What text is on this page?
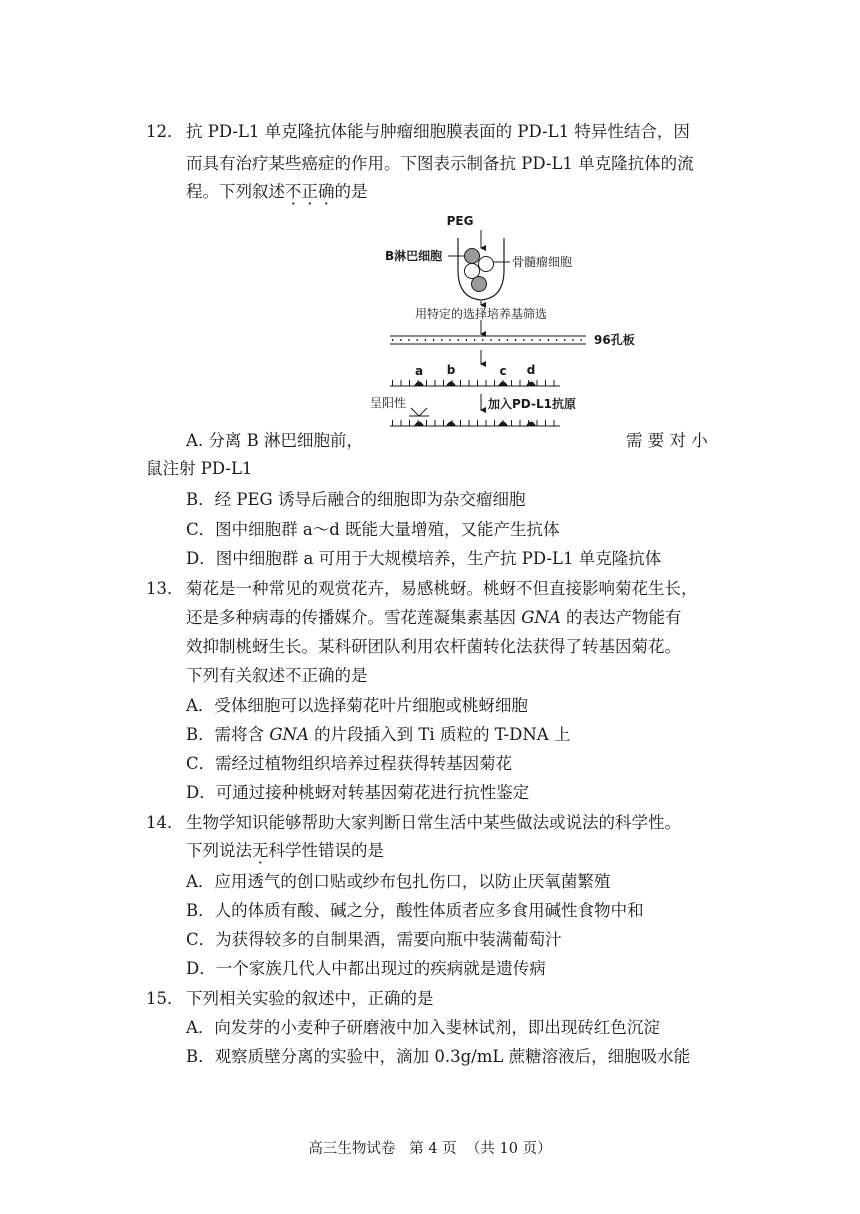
12． 抗 PD-L1 单克隆抗体能与肿瘤细胞膜表面的 PD-L1 特异性结合，因
而具有治疗某些癌症的作用。下图表示制备抗 PD-L1 单克隆抗体的流
程。下列叙述不正确的是
PEG
B淋巴细胞	骨髓瘤细胞
用特定的选择培养基筛选
96孔板
a b	c d
加入PD-L1抗原
呈阳性
A. 分离 B 淋巴细胞前，	需 要 对 小
鼠注射 PD-L1
B．经 PEG 诱导后融合的细胞即为杂交瘤细胞
C．图中细胞群 a～d 既能大量增殖，又能产生抗体
D．图中细胞群 a 可用于大规模培养，生产抗 PD-L1 单克隆抗体
13． 菊花是一种常见的观赏花卉，易感桃蚜。桃蚜不但直接影响菊花生长，
还是多种病毒的传播媒介。雪花莲凝集素基因 GNA 的表达产物能有
效抑制桃蚜生长。某科研团队利用农杆菌转化法获得了转基因菊花。
下列有关叙述不正确的是
A．受体细胞可以选择菊花叶片细胞或桃蚜细胞
B．需将含 GNA 的片段插入到 Ti 质粒的 T-DNA 上
C．需经过植物组织培养过程获得转基因菊花
D．可通过接种桃蚜对转基因菊花进行抗性鉴定
14． 生物学知识能够帮助大家判断日常生活中某些做法或说法的科学性。
下列说法无科学性错误的是
A．应用透气的创口贴或纱布包扎伤口，以防止厌氧菌繁殖
B．人的体质有酸、碱之分，酸性体质者应多食用碱性食物中和
C．为获得较多的自制果酒，需要向瓶中装满葡萄汁
D．一个家族几代人中都出现过的疾病就是遗传病
15． 下列相关实验的叙述中，正确的是
A．向发芽的小麦种子研磨液中加入斐林试剂，即出现砖红色沉淀
B．观察质壁分离的实验中，滴加 0.3g/mL 蔗糖溶液后，细胞吸水能
高三生物试卷   第 4 页  （共 10 页）
